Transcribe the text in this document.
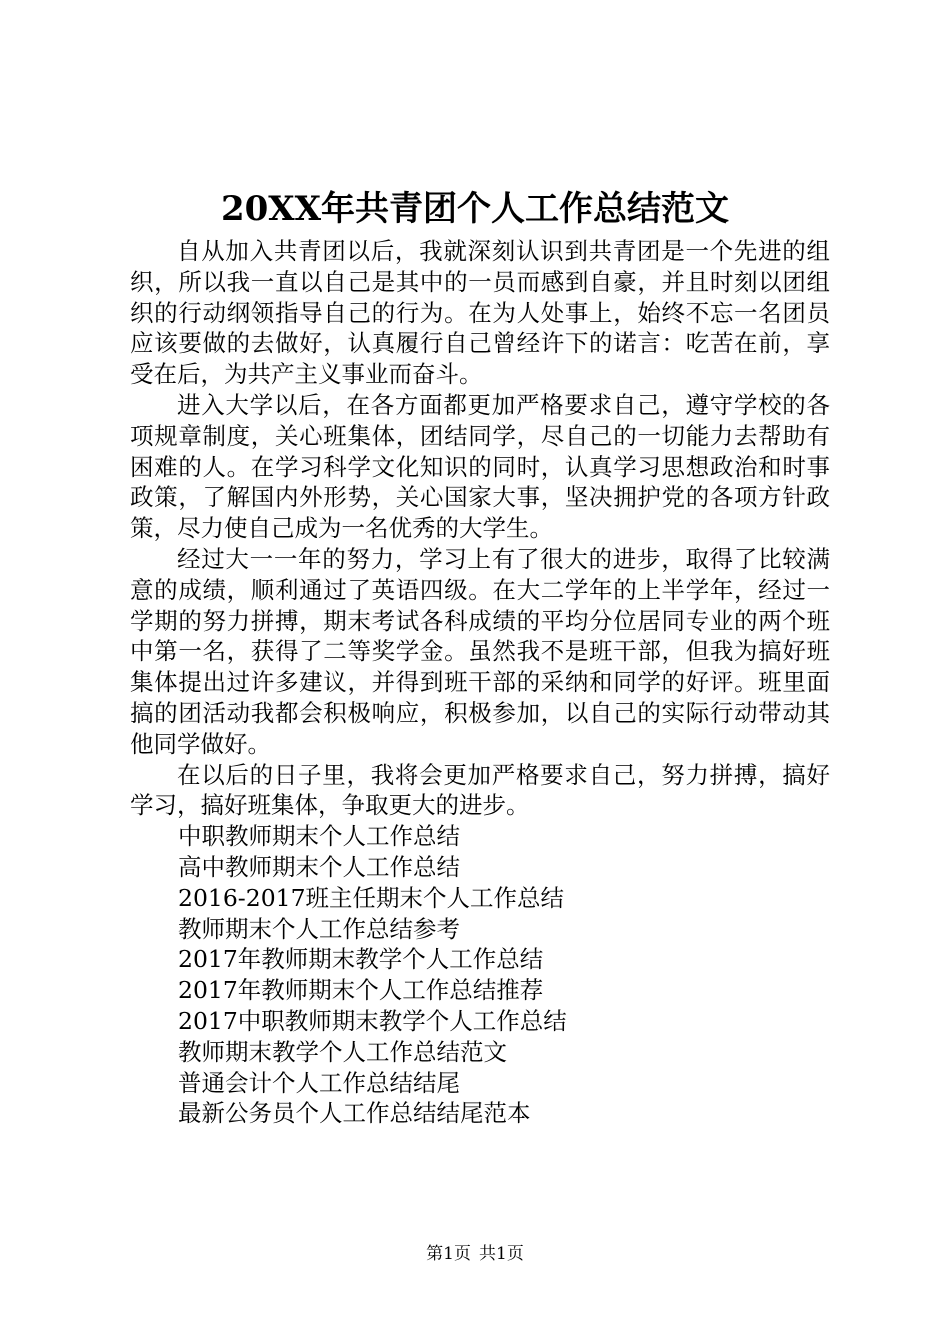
20XX年共青团个人工作总结范文

自从加入共青团以后，我就深刻认识到共青团是一个先进的组织，所以我一直以自己是其中的一员而感到自豪，并且时刻以团组织的行动纲领指导自己的行为。在为人处事上，始终不忘一名团员应该要做的去做好，认真履行自己曾经许下的诺言：吃苦在前，享受在后，为共产主义事业而奋斗。

进入大学以后，在各方面都更加严格要求自己，遵守学校的各项规章制度，关心班集体，团结同学，尽自己的一切能力去帮助有困难的人。在学习科学文化知识的同时，认真学习思想政治和时事政策，了解国内外形势，关心国家大事，坚决拥护党的各项方针政策，尽力使自己成为一名优秀的大学生。

经过大一一年的努力，学习上有了很大的进步，取得了比较满意的成绩，顺利通过了英语四级。在大二学年的上半学年，经过一学期的努力拼搏，期末考试各科成绩的平均分位居同专业的两个班中第一名，获得了二等奖学金。虽然我不是班干部，但我为搞好班集体提出过许多建议，并得到班干部的采纳和同学的好评。班里面搞的团活动我都会积极响应，积极参加，以自己的实际行动带动其他同学做好。

在以后的日子里，我将会更加严格要求自己，努力拼搏，搞好学习，搞好班集体，争取更大的进步。

中职教师期末个人工作总结
高中教师期末个人工作总结
2016-2017班主任期末个人工作总结
教师期末个人工作总结参考
2017年教师期末教学个人工作总结
2017年教师期末个人工作总结推荐
2017中职教师期末教学个人工作总结
教师期末教学个人工作总结范文
普通会计个人工作总结结尾
最新公务员个人工作总结结尾范本
第1页 共1页
